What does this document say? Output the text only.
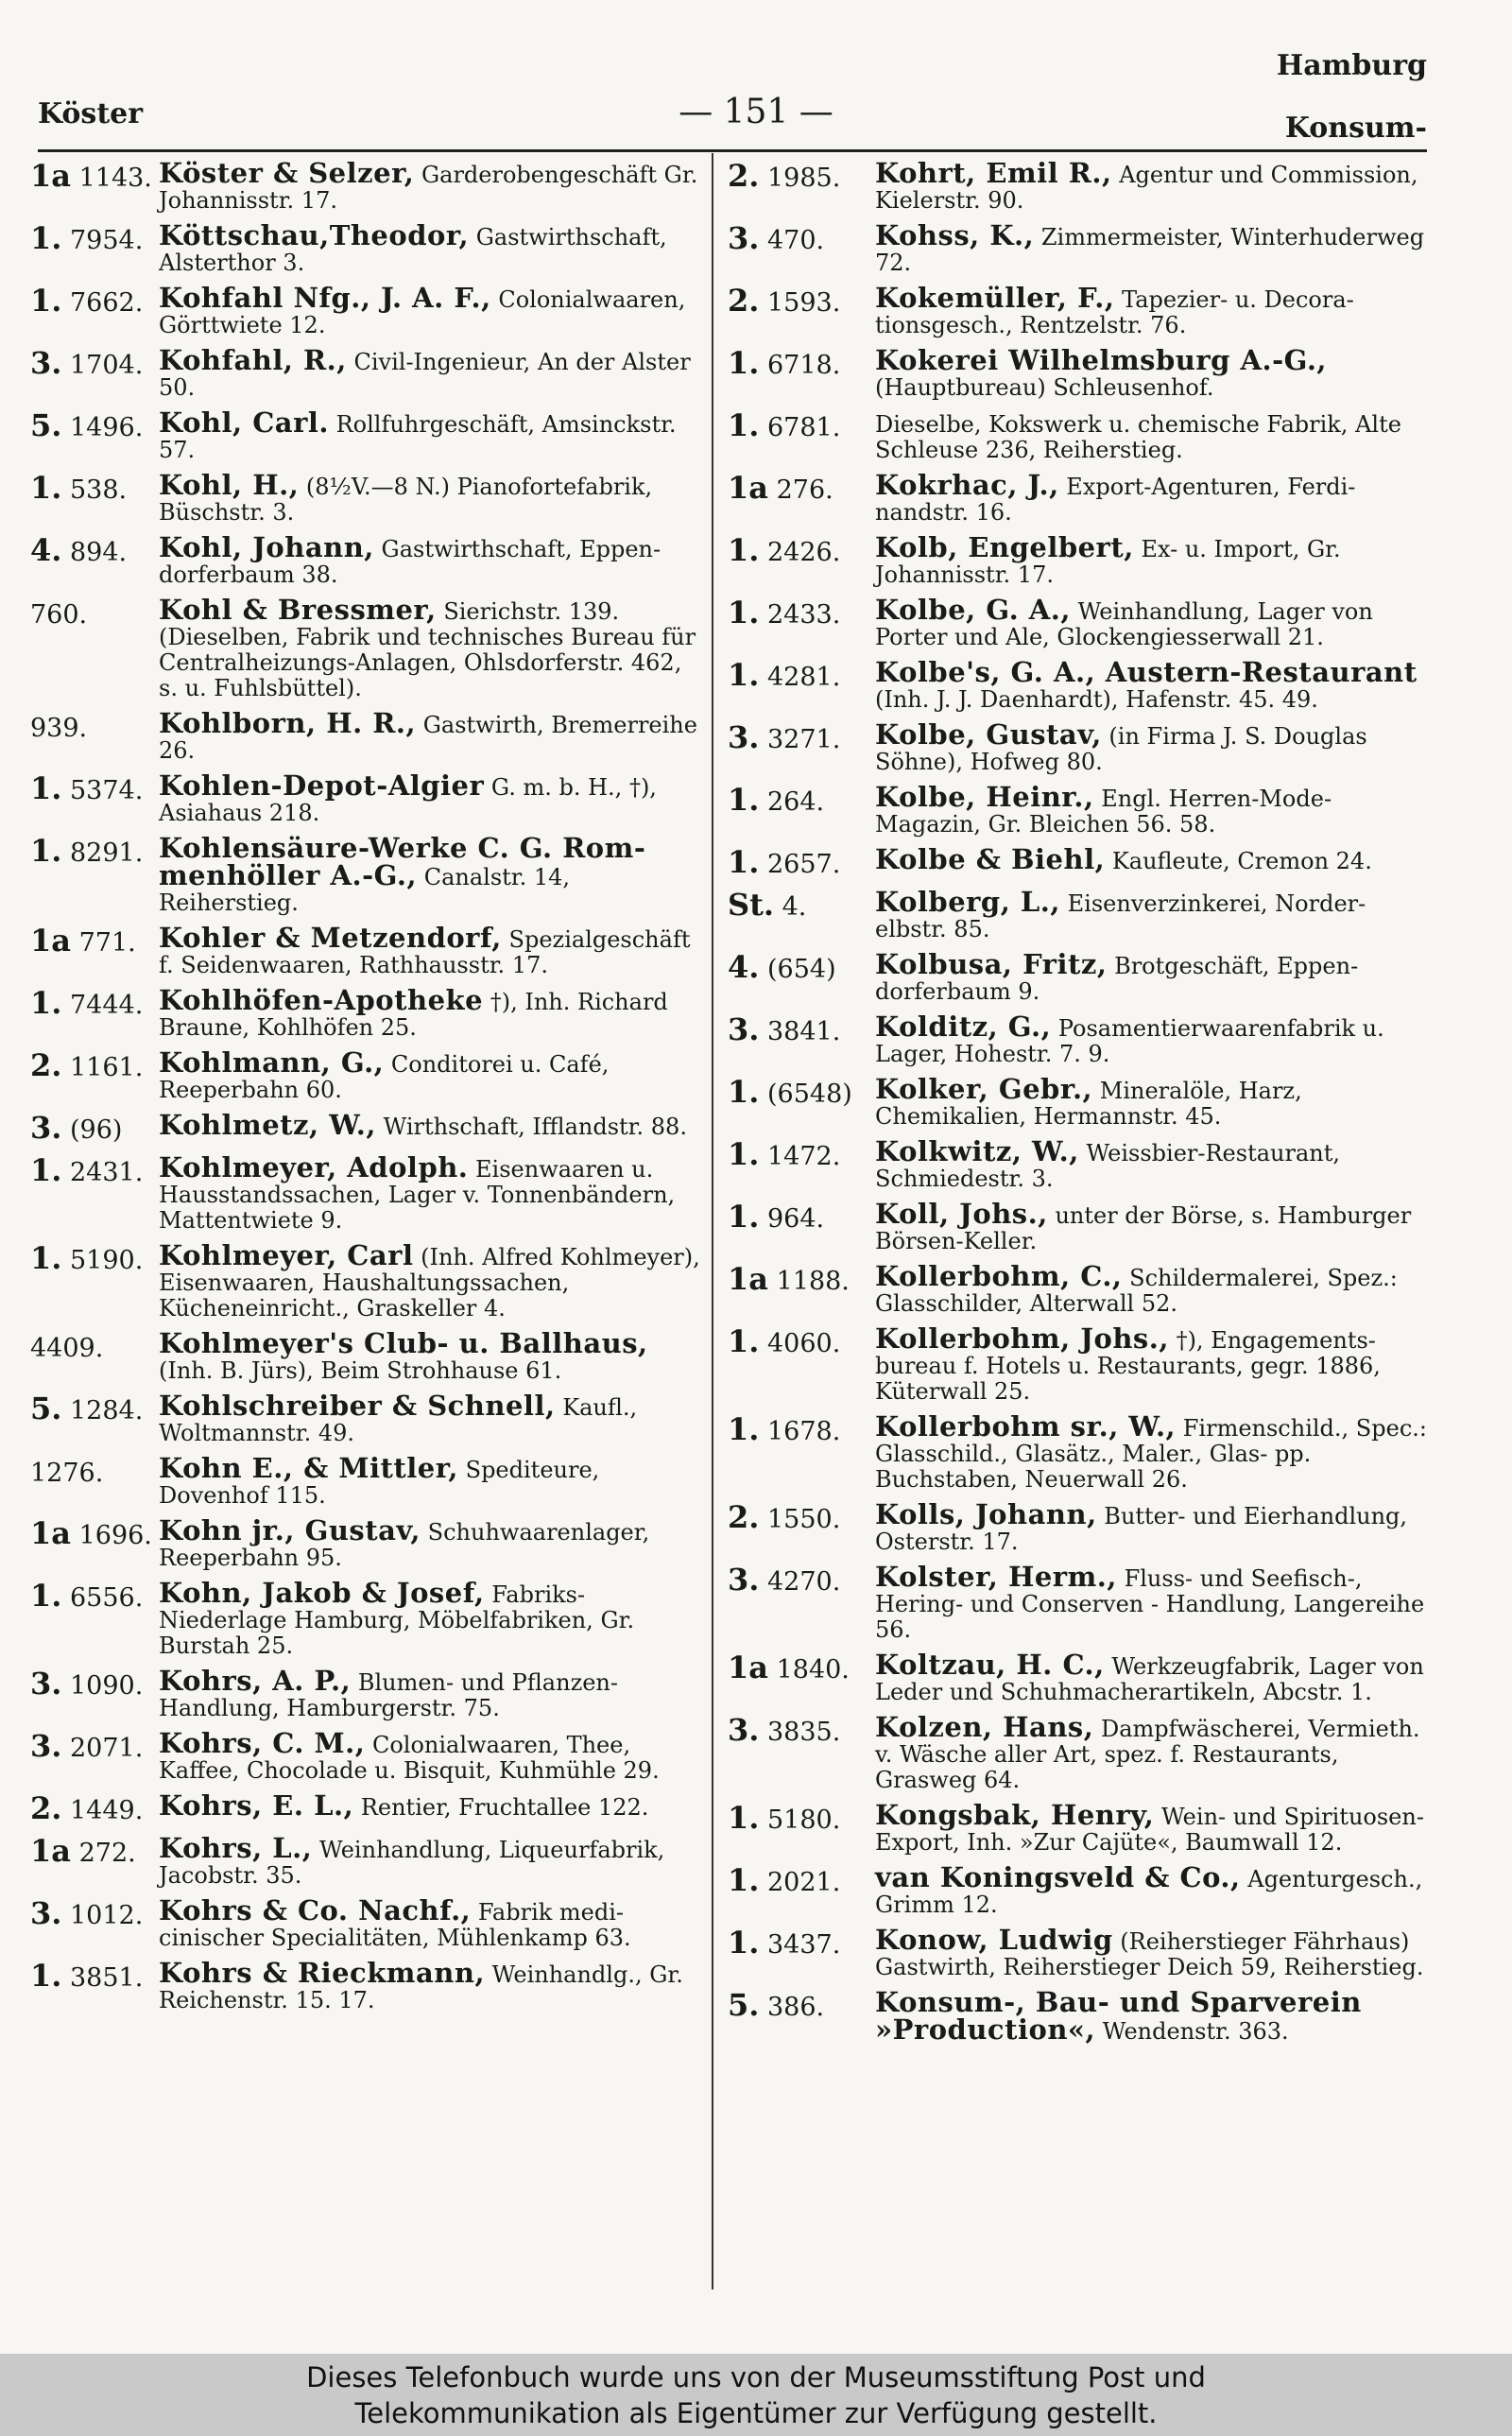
Hamburg
Köster	— 151 —	Konsum-
1a 1143. Köster & Selzer, Garderobengeschäft Gr. Johannisstr. 17.
1. 7954. Köttschau,Theodor, Gastwirthschaft, Alsterthor 3.
1. 7662. Kohfahl Nfg., J. A. F., Colonialwaaren, Görttwiete 12.
3. 1704. Kohfahl, R., Civil-Ingenieur, An der Alster 50.
5. 1496. Kohl, Carl. Rollfuhrgeschäft, Amsinckstr. 57.
1. 538.	Kohl, H., (8½V.—8 N.) Pianofortefabrik, Büschstr. 3.
4. 894.	Kohl, Johann, Gastwirthschaft, Eppendorferbaum 38.
760.	Kohl & Bressmer, Sierichstr. 139. (Dieselben, Fabrik und technisches Bureau für Centralheizungs-Anlagen, Ohlsdorferstr. 462, s. u. Fuhlsbüttel).
939.	Kohlborn, H. R., Gastwirth, Bremerreihe 26.
1. 5374. Kohlen-Depot-Algier G. m. b. H., †), Asiahaus 218.
1. 8291. Kohlensäure-Werke C. G. Rommenhöller A.-G., Canalstr. 14, Reiherstieg.
1a 771. Kohler & Metzendorf, Spezialgeschäft f. Seidenwaaren, Rathhausstr. 17.
1. 7444. Kohlhöfen-Apotheke †), Inh. Richard Braune, Kohlhöfen 25.
2. 1161. Kohlmann, G., Conditorei u. Café, Reeperbahn 60.
3. (96)	Kohlmetz, W., Wirthschaft, Ifflandstr. 88.
1. 2431. Kohlmeyer, Adolph. Eisenwaaren u. Hausstandssachen, Lager v. Tonnenbändern, Mattentwiete 9.
1. 5190. Kohlmeyer, Carl (Inh. Alfred Kohlmeyer), Eisenwaaren, Haushaltungssachen, Kücheneinricht., Graskeller 4.
4409.	Kohlmeyer's Club- u. Ballhaus, (Inh. B. Jürs), Beim Strohhause 61.
5. 1284. Kohlschreiber & Schnell, Kaufl., Woltmannstr. 49.
1276.	Kohn E., & Mittler, Spediteure, Dovenhof 115.
1a 1696. Kohn jr., Gustav, Schuhwaarenlager, Reeperbahn 95.
1. 6556. Kohn, Jakob & Josef, FabriksNiederlage Hamburg, Möbelfabriken, Gr. Burstah 25.
3. 1090. Kohrs, A. P., Blumen- und PflanzenHandlung, Hamburgerstr. 75.
3. 2071. Kohrs, C. M., Colonialwaaren, Thee, Kaffee, Chocolade u. Bisquit, Kuhmühle 29.
2. 1449. Kohrs, E. L., Rentier, Fruchtallee 122.
1a 272. Kohrs, L., Weinhandlung, Liqueurfabrik, Jacobstr. 35.
3. 1012. Kohrs & Co. Nachf., Fabrik medicinischer Specialitäten, Mühlenkamp 63.
1. 3851. Kohrs & Rieckmann, Weinhandlg., Gr. Reichenstr. 15. 17.
2. 1985.	Kohrt, Emil R., Agentur und Commission, Kielerstr. 90.
3. 470.	Kohss, K., Zimmermeister, Winterhuderweg 72.
2. 1593.	Kokemüller, F., Tapezier- u. Decorationsgesch., Rentzelstr. 76.
1. 6718.	Kokerei Wilhelmsburg A.-G., (Hauptbureau) Schleusenhof.
1. 6781.	Dieselbe, Kokswerk u. chemische Fabrik, Alte Schleuse 236, Reiherstieg.
1a 276.	Kokrhac, J., Export-Agenturen, Ferdinandstr. 16.
1. 2426.	Kolb, Engelbert, Ex- u. Import, Gr. Johannisstr. 17.
1. 2433.	Kolbe, G. A., Weinhandlung, Lager von Porter und Ale, Glockengiesserwall 21.
1. 4281.	Kolbe's, G. A., Austern-Restaurant (Inh. J. J. Daenhardt), Hafenstr. 45. 49.
3. 3271.	Kolbe, Gustav, (in Firma J. S. Douglas Söhne), Hofweg 80.
1. 264.	Kolbe, Heinr., Engl. Herren-ModeMagazin, Gr. Bleichen 56. 58.
1. 2657.	Kolbe & Biehl, Kaufleute, Cremon 24.
St. 4.	Kolberg, L., Eisenverzinkerei, Norderelbstr. 85.
4. (654)	Kolbusa, Fritz, Brotgeschäft, Eppendorferbaum 9.
3. 3841.	Kolditz, G., Posamentierwaarenfabrik u. Lager, Hohestr. 7. 9.
1. (6548) Kolker, Gebr., Mineralöle, Harz, Chemikalien, Hermannstr. 45.
1. 1472.	Kolkwitz, W., Weissbier-Restaurant, Schmiedestr. 3.
1. 964.	Koll, Johs., unter der Börse, s. Hamburger Börsen-Keller.
1a 1188. Kollerbohm, C., Schildermalerei, Spez.: Glasschilder, Alterwall 52.
1. 4060.	Kollerbohm, Johs., †), Engagementsbureau f. Hotels u. Restaurants, gegr. 1886, Küterwall 25.
1. 1678.	Kollerbohm sr., W., Firmenschild., Spec.: Glasschild., Glasätz., Maler., Glas- pp. Buchstaben, Neuerwall 26.
2. 1550.	Kolls, Johann, Butter- und Eierhandlung, Osterstr. 17.
3. 4270.	Kolster, Herm., Fluss- und Seefisch-, Hering- und Conserven - Handlung, Langereihe 56.
1a 1840. Koltzau, H. C., Werkzeugfabrik, Lager von Leder und Schuhmacherartikeln, Abcstr. 1.
3. 3835.	Kolzen, Hans, Dampfwäscherei, Vermieth. v. Wäsche aller Art, spez. f. Restaurants, Grasweg 64.
1. 5180.	Kongsbak, Henry, Wein- und Spirituosen-Export, Inh. »Zur Cajüte«, Baumwall 12.
1. 2021.	van Koningsveld & Co., Agenturgesch., Grimm 12.
1. 3437.	Konow, Ludwig (Reiherstieger Fährhaus) Gastwirth, Reiherstieger Deich 59, Reiherstieg.
5. 386.	Konsum-, Bau- und Sparverein »Production«, Wendenstr. 363.
Dieses Telefonbuch wurde uns von der Museumsstiftung Post und
Telekommunikation als Eigentümer zur Verfügung gestellt.
